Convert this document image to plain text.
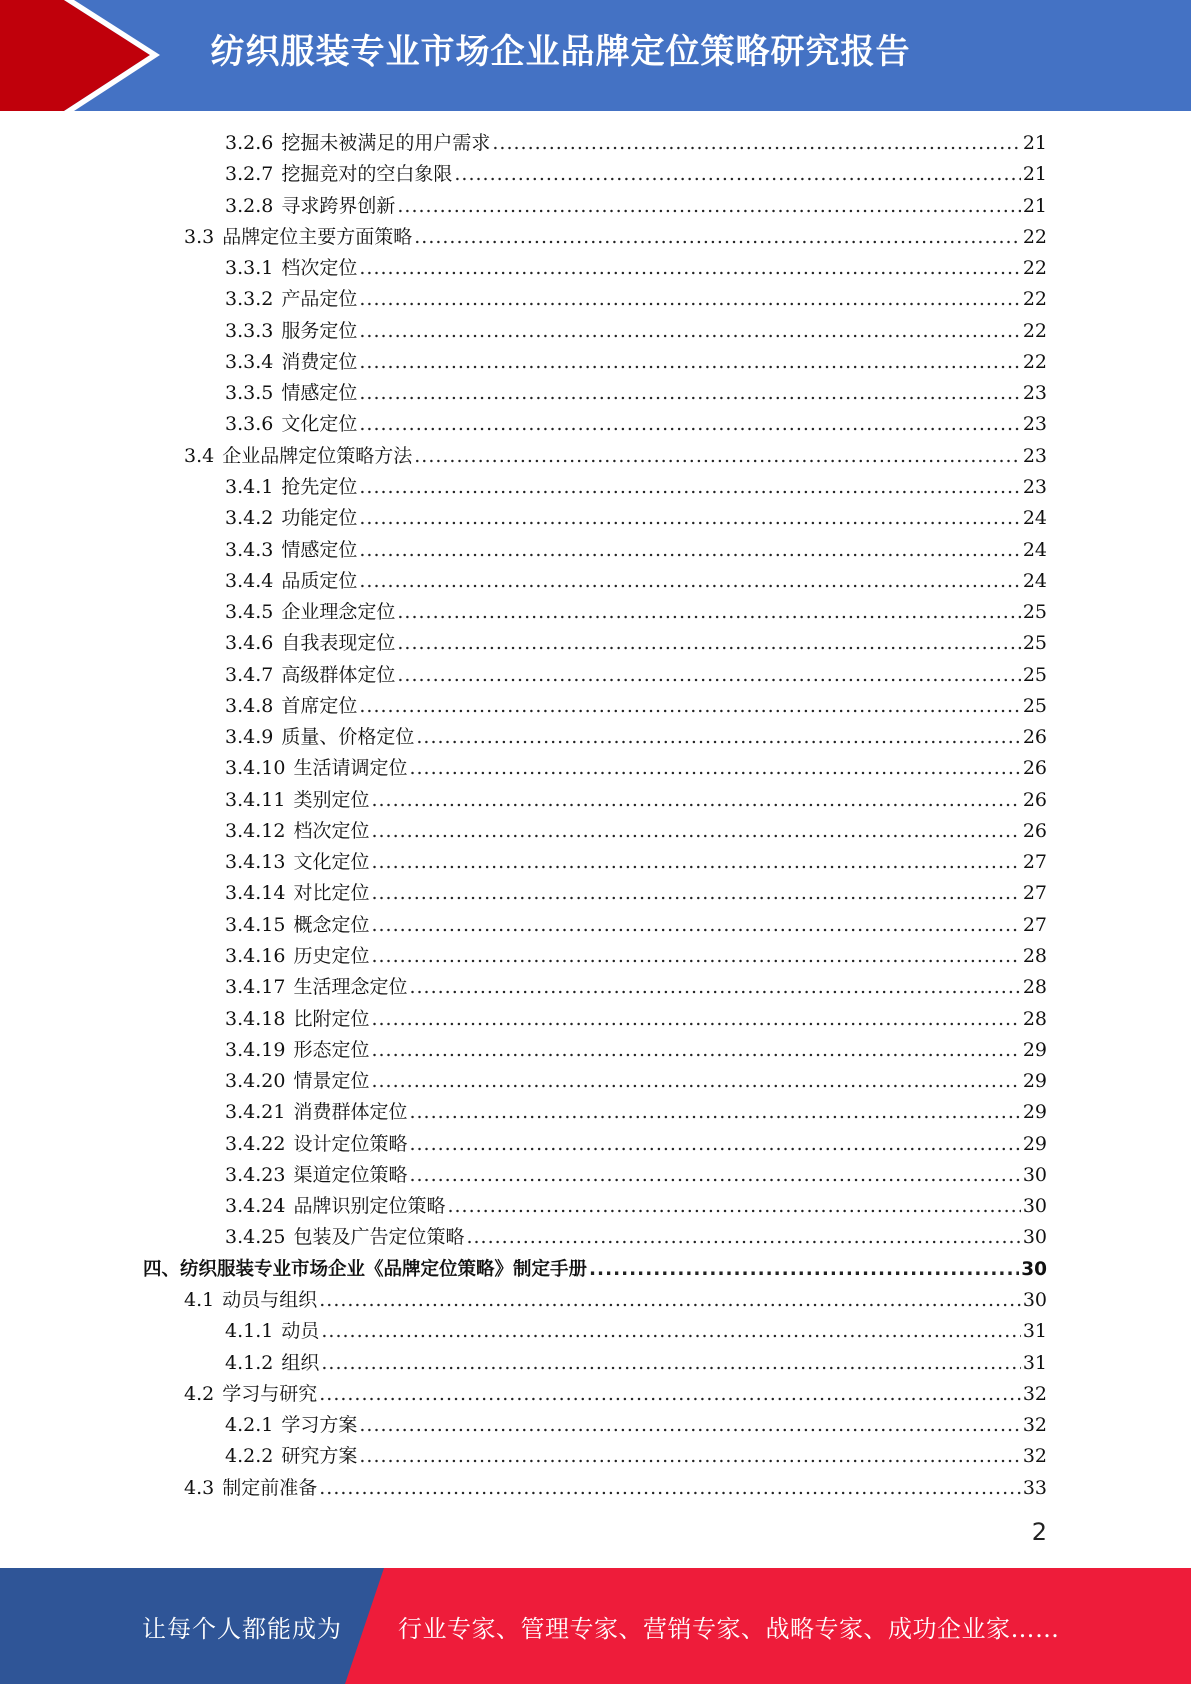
纺织服装专业市场企业品牌定位策略研究报告
3.2.6 挖掘未被满足的用户需求 .....	21
3.2.7 挖掘竞对的空白象限 .....	21
3.2.8 寻求跨界创新 .....	21
3.3 品牌定位主要方面策略 .....	22
3.3.1 档次定位 .....	22
3.3.2 产品定位 .....	22
3.3.3 服务定位 .....	22
3.3.4 消费定位 .....	22
3.3.5 情感定位 .....	23
3.3.6 文化定位 .....	23
3.4 企业品牌定位策略方法 .....	23
3.4.1 抢先定位 .....	23
3.4.2 功能定位 .....	24
3.4.3 情感定位 .....	24
3.4.4 品质定位 .....	24
3.4.5 企业理念定位 .....	25
3.4.6 自我表现定位 .....	25
3.4.7 高级群体定位 .....	25
3.4.8 首席定位 .....	25
3.4.9 质量、价格定位 .....	26
3.4.10 生活请调定位 .....	26
3.4.11 类别定位 .....	26
3.4.12 档次定位 .....	26
3.4.13 文化定位 .....	27
3.4.14 对比定位 .....	27
3.4.15 概念定位 .....	27
3.4.16 历史定位 .....	28
3.4.17 生活理念定位 .....	28
3.4.18 比附定位 .....	28
3.4.19 形态定位 .....	29
3.4.20 情景定位 .....	29
3.4.21 消费群体定位 .....	29
3.4.22 设计定位策略 .....	29
3.4.23 渠道定位策略 .....	30
3.4.24 品牌识别定位策略 .....	30
3.4.25 包装及广告定位策略 .....	30
四、纺织服装专业市场企业《品牌定位策略》制定手册 .....	30
4.1 动员与组织 .....	30
4.1.1 动员 .....	31
4.1.2 组织 .....	31
4.2 学习与研究 .....	32
4.2.1 学习方案 .....	32
4.2.2 研究方案 .....	32
4.3 制定前准备 .....	33
2
让每个人都能成为 行业专家、管理专家、营销专家、战略专家、成功企业家……
